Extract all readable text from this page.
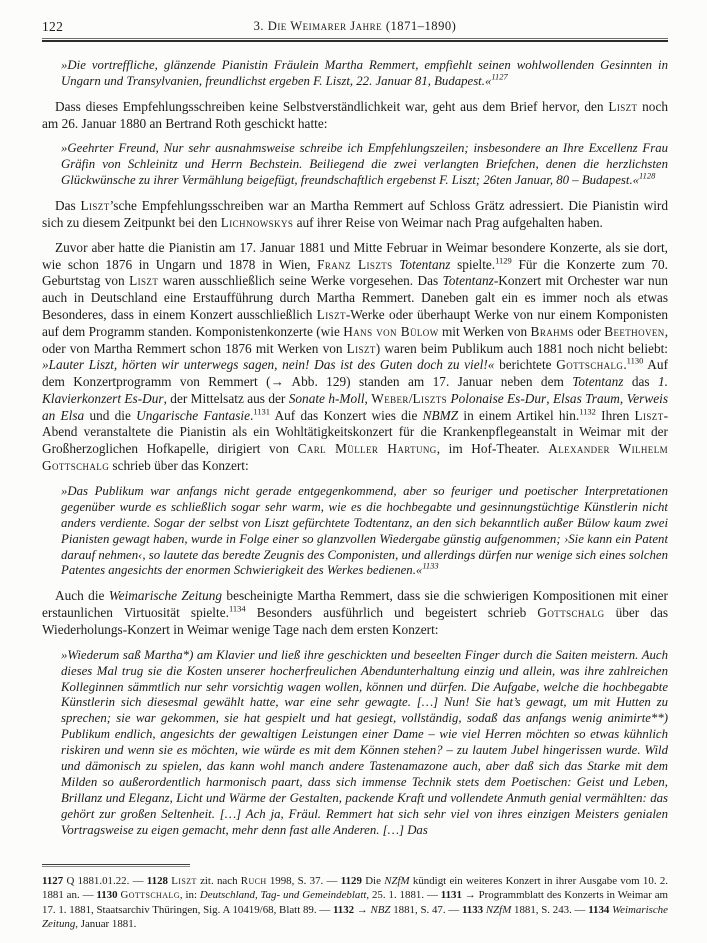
122	3. Die Weimarer Jahre (1871–1890)

»Die vortreffliche, glänzende Pianistin Fräulein Martha Remmert, empfiehlt seinen wohlwollenden Gesinnten in Ungarn und Transylvanien, freundlichst ergeben F. Liszt, 22. Januar 81, Budapest.«$^{1127}$

Dass dieses Empfehlungsschreiben keine Selbstverständlichkeit war, geht aus dem Brief hervor, den Liszt noch am 26. Januar 1880 an Bertrand Roth geschickt hatte:

»Geehrter Freund, Nur sehr ausnahmsweise schreibe ich Empfehlungszeilen; insbesondere an Ihre Excellenz Frau Gräfin von Schleinitz und Herrn Bechstein. Beiliegend die zwei verlangten Briefchen, denen die herzlichsten Glückwünsche zu ihrer Vermählung beigefügt, freundschaftlich ergebenst F. Liszt; 26ten Januar, 80 – Budapest.«$^{1128}$

Das Liszt’sche Empfehlungsschreiben war an Martha Remmert auf Schloss Grätz adressiert. Die Pianistin wird sich zu diesem Zeitpunkt bei den Lichnowskys auf ihrer Reise von Weimar nach Prag aufgehalten haben.

Zuvor aber hatte die Pianistin am 17. Januar 1881 und Mitte Februar in Weimar besondere Konzerte, als sie dort, wie schon 1876 in Ungarn und 1878 in Wien, Franz Liszts Totentanz spielte.$^{1129}$ Für die Konzerte zum 70. Geburtstag von Liszt waren ausschließlich seine Werke vorgesehen. Das Totentanz-Konzert mit Orchester war nun auch in Deutschland eine Erstaufführung durch Martha Remmert. Daneben galt ein es immer noch als etwas Besonderes, dass in einem Konzert ausschließlich Liszt-Werke oder überhaupt Werke von nur einem Komponisten auf dem Programm standen. Komponistenkonzerte (wie Hans von Bülow mit Werken von Brahms oder Beethoven, oder von Martha Remmert schon 1876 mit Werken von Liszt) waren beim Publikum auch 1881 noch nicht beliebt: »Lauter Liszt, hörten wir unterwegs sagen, nein! Das ist des Guten doch zu viel!« berichtete Gottschalg.$^{1130}$ Auf dem Konzertprogramm von Remmert (→ Abb. 129) standen am 17. Januar neben dem Totentanz das 1. Klavierkonzert Es-Dur, der Mittelsatz aus der Sonate h-Moll, Weber/Liszts Polonaise Es-Dur, Elsas Traum, Verweis an Elsa und die Ungarische Fantasie.$^{1131}$ Auf das Konzert wies die NBMZ in einem Artikel hin.$^{1132}$ Ihren Liszt-Abend veranstaltete die Pianistin als ein Wohltätigkeitskonzert für die Krankenpflegeanstalt in Weimar mit der Großherzoglichen Hofkapelle, dirigiert von Carl Müller Hartung, im Hof-Theater. Alexander Wilhelm Gottschalg schrieb über das Konzert:

»Das Publikum war anfangs nicht gerade entgegenkommend, aber so feuriger und poetischer Interpretationen gegenüber wurde es schließlich sogar sehr warm, wie es die hochbegabte und gesinnungstüchtige Künstlerin nicht anders verdiente. Sogar der selbst von Liszt gefürchtete Todtentanz, an den sich bekanntlich außer Bülow kaum zwei Pianisten gewagt haben, wurde in Folge einer so glanzvollen Wiedergabe günstig aufgenommen; ›Sie kann ein Patent darauf nehmen‹, so lautete das beredte Zeugnis des Componisten, und allerdings dürfen nur wenige sich eines solchen Patentes angesichts der enormen Schwierigkeit des Werkes bedienen.«$^{1133}$

Auch die Weimarische Zeitung bescheinigte Martha Remmert, dass sie die schwierigen Kompositionen mit einer erstaunlichen Virtuosität spielte.$^{1134}$ Besonders ausführlich und begeistert schrieb Gottschalg über das Wiederholungs-Konzert in Weimar wenige Tage nach dem ersten Konzert:

»Wiederum saß Martha*) am Klavier und ließ ihre geschickten und beseelten Finger durch die Saiten meistern. Auch dieses Mal trug sie die Kosten unserer hocherfreulichen Abendunterhaltung einzig und allein, was ihre zahlreichen Kolleginnen sämmtlich nur sehr vorsichtig wagen wollen, können und dürfen. Die Aufgabe, welche die hochbegabte Künstlerin sich diesesmal gewählt hatte, war eine sehr gewagte. […] Nun! Sie hat’s gewagt, um mit Hutten zu sprechen; sie war gekommen, sie hat gespielt und hat gesiegt, vollständig, sodaß das anfangs wenig animirte**) Publikum endlich, angesichts der gewaltigen Leistungen einer Dame – wie viel Herren möchten so etwas kühnlich riskiren und wenn sie es möchten, wie würde es mit dem Können stehen? – zu lautem Jubel hingerissen wurde. Wild und dämonisch zu spielen, das kann wohl manch andere Tastenamazone auch, aber daß sich das Starke mit dem Milden so außerordentlich harmonisch paart, dass sich immense Technik stets dem Poetischen: Geist und Leben, Brillanz und Eleganz, Licht und Wärme der Gestalten, packende Kraft und vollendete Anmuth genial vermählten: das gehört zur großen Seltenheit. […] Ach ja, Fräul. Remmert hat sich sehr viel von ihres einzigen Meisters genialen Vortragsweise zu eigen gemacht, mehr denn fast alle Anderen. […] Das

1127 Q 1881.01.22. — 1128 Liszt zit. nach Ruch 1998, S. 37. — 1129 Die NZfM kündigt ein weiteres Konzert in ihrer Ausgabe vom 10. 2. 1881 an. — 1130 Gottschalg, in: Deutschland, Tag- und Gemeindeblatt, 25. 1. 1881. — 1131 → Programmblatt des Konzerts in Weimar am 17. 1. 1881, Staatsarchiv Thüringen, Sig. A 10419/68, Blatt 89. — 1132 → NBZ 1881, S. 47. — 1133 NZfM 1881, S. 243. — 1134 Weimarische Zeitung, Januar 1881.
